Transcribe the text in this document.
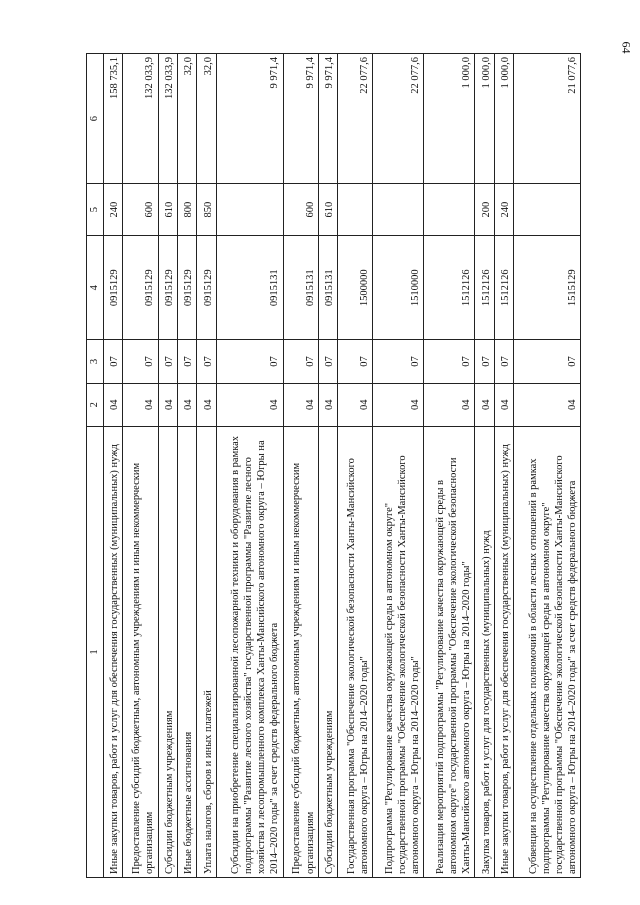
64
1	2	3	4	5	6
Иные закупки товаров, работ и услуг для обеспечения государственных (муниципальных) нужд	04	07	0915129	240	158 735,1
Предоставление субсидий бюджетным, автономным учреждениям и иным некоммерческим организациям	04	07	0915129	600	132 033,9
Субсидии бюджетным учреждениям	04	07	0915129	610	132 033,9
Иные бюджетные ассигнования	04	07	0915129	800	32,0
Уплата налогов, сборов и иных платежей	04	07	0915129	850	32,0
Субсидии на приобретение специализированной лесопожарной техники и оборудования в рамках подпрограммы "Развитие лесного хозяйства" государственной программы "Развитие лесного хозяйства и лесопромышленного комплекса Ханты-Мансийского автономного округа – Югры на 2014–2020 годы" за счет средств федерального бюджета	04	07	0915131		9 971,4
Предоставление субсидий бюджетным, автономным учреждениям и иным некоммерческим организациям	04	07	0915131	600	9 971,4
Субсидии бюджетным учреждениям	04	07	0915131	610	9 971,4
Государственная программа "Обеспечение экологической безопасности Ханты-Мансийского автономного округа – Югры на 2014–2020 годы"	04	07	1500000		22 077,6
Подпрограмма "Регулирование качества окружающей среды в автономном округе" государственной программы "Обеспечение экологической безопасности Ханты-Мансийского автономного округа – Югры на 2014–2020 годы"	04	07	1510000		22 077,6
Реализация мероприятий подпрограммы "Регулирование качества окружающей среды в автономном округе" государственной программы "Обеспечение экологической безопасности Ханты-Мансийского автономного округа – Югры на 2014–2020 годы"	04	07	1512126		1 000,0
Закупка товаров, работ и услуг для государственных (муниципальных) нужд	04	07	1512126	200	1 000,0
Иные закупки товаров, работ и услуг для обеспечения государственных (муниципальных) нужд	04	07	1512126	240	1 000,0
Субвенции на осуществление отдельных полномочий в области лесных отношений в рамках подпрограммы "Регулирование качества окружающей среды в автономном округе" государственной программы "Обеспечение экологической безопасности Ханты-Мансийского автономного округа – Югры на 2014–2020 годы" за счет средств федерального бюджета	04	07	1515129		21 077,6
